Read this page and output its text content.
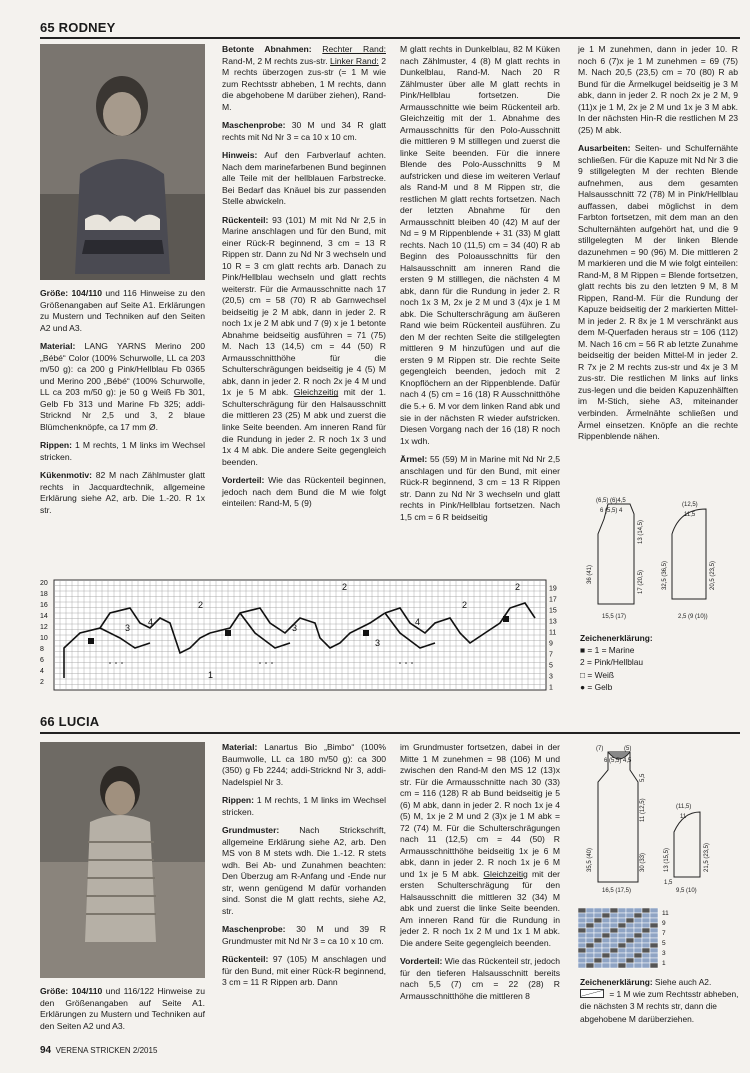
65 RODNEY

Größe: 104/110 und 116 Hinweise zu den Größenangaben auf Seite A1. Erklärungen zu Mustern und Techniken auf den Seiten A2 und A3.

Material: LANG YARNS Merino 200 „Bébé“ Color (100% Schurwolle, LL ca 203 m/50 g): ca 200 g Pink/Hellblau Fb 0365 und Merino 200 „Bébé“ (100% Schurwolle, LL ca 203 m/50 g): je 50 g Weiß Fb 301, Gelb Fb 313 und Marine Fb 325; addi-Stricknd Nr 2,5 und 3, 2 blaue Blümchenknöpfe, ca 17 mm Ø.

Rippen: 1 M rechts, 1 M links im Wechsel stricken.

Kükenmotiv: 82 M nach Zählmuster glatt rechts in Jacquardtechnik, allgemeine Erklärung siehe A2, arb. Die 1.-20. R 1x str.

Betonte Abnahmen: Rechter Rand: Rand-M, 2 M rechts zus-str. Linker Rand: 2 M rechts überzogen zus-str (= 1 M wie zum Rechtsstr abheben, 1 M rechts, dann die abgehobene M darüber ziehen), Rand-M.

Maschenprobe: 30 M und 34 R glatt rechts mit Nd Nr 3 = ca 10 x 10 cm.

Hinweis: Auf den Farbverlauf achten. Nach dem marinefarbenen Bund beginnen alle Teile mit der hellblauen Farbstrecke. Bei Bedarf das Knäuel bis zur passenden Stelle abwickeln.

Rückenteil: 93 (101) M mit Nd Nr 2,5 in Marine anschlagen und für den Bund, mit einer Rück-R beginnend, 3 cm = 13 R Rippen str. Dann zu Nd Nr 3 wechseln und 10 R = 3 cm glatt rechts arb. Danach zu Pink/Hellblau wechseln und glatt rechts weiterstr. Für die Armausschnitte nach 17 (20,5) cm = 58 (70) R ab Garnwechsel beidseitig je 2 M abk, dann in jeder 2. R noch 1x je 2 M abk und 7 (9) x je 1 betonte Abnahme beidseitig ausführen = 71 (75) M. Nach 13 (14,5) cm = 44 (50) R Armausschnitthöhe für die Schulterschrägungen beidseitig je 4 (5) M abk, dann in jeder 2. R noch 2x je 4 M und 1x je 5 M abk. Gleichzeitig mit der 1. Schulterschrägung für den Halsausschnitt die mittleren 23 (25) M abk und zuerst die linke Seite beenden. Am inneren Rand für die Rundung in jeder 2. R noch 1x 3 und 1x 4 M abk. Die andere Seite gegengleich beenden.

Vorderteil: Wie das Rückenteil beginnen, jedoch nach dem Bund die M wie folgt einteilen: Rand-M, 5 (9)

M glatt rechts in Dunkelblau, 82 M Küken nach Zählmuster, 4 (8) M glatt rechts in Dunkelblau, Rand-M. Nach 20 R Zählmuster über alle M glatt rechts in Pink/Hellblau fortsetzen. Die Armausschnitte wie beim Rückenteil arb. Gleichzeitig mit der 1. Abnahme des Armausschnitts für den Polo-Ausschnitt die mittleren 9 M stilllegen und zuerst die linke Seite beenden. Für die innere Blende des Polo-Ausschnitts 9 M aufstricken und diese im weiteren Verlauf als Rand-M und 8 M Rippen str, die restlichen M glatt rechts fortsetzen. Nach der letzten Abnahme für den Armausschnitt bleiben 40 (42) M auf der Nd = 9 M Rippenblende + 31 (33) M glatt rechts. Nach 10 (11,5) cm = 34 (40) R ab Beginn des Poloausschnitts für den Halsausschnitt am inneren Rand die ersten 9 M stilllegen, die nächsten 4 M abk, dann für die Rundung in jeder 2. R noch 1x 3 M, 2x je 2 M und 3 (4)x je 1 M abk. Die Schulterschrägung am äußeren Rand wie beim Rückenteil ausführen. Zu den M der rechten Seite die stillgelegten mittleren 9 M hinzufügen und auf die ersten 9 M Rippen str. Die rechte Seite gegengleich beenden, jedoch mit 2 Knopflöchern an der Rippenblende. Dafür nach 4 (5) cm = 16 (18) R Ausschnitthöhe die 5.+ 6. M vor dem linken Rand abk und sie in der nächsten R wieder aufstricken. Diesen Vorgang nach der 16 (18) R noch 1x wdh.

Ärmel: 55 (59) M in Marine mit Nd Nr 2,5 anschlagen und für den Bund, mit einer Rück-R beginnend, 3 cm = 13 R Rippen str. Dann zu Nd Nr 3 wechseln und glatt rechts in Pink/Hellblau fortsetzen. Nach 1,5 cm = 6 R beidseitig

je 1 M zunehmen, dann in jeder 10. R noch 6 (7)x je 1 M zunehmen = 69 (75) M. Nach 20,5 (23,5) cm = 70 (80) R ab Bund für die Ärmelkugel beidseitig je 3 M abk, dann in jeder 2. R noch 2x je 2 M, 9 (11)x je 1 M, 2x je 2 M und 1x je 3 M abk. In der nächsten Hin-R die restlichen M 23 (25) M abk.

Ausarbeiten: Seiten- und Schulfernähte schließen. Für die Kapuze mit Nd Nr 3 die 9 stillgelegten M der rechten Blende aufnehmen, aus dem gesamten Halsausschnitt 72 (78) M in Pink/Hellblau auffassen, dabei möglichst in dem Farbton fortsetzen, mit dem man an den Schulternähten aufgehört hat, und die 9 stillgelegten M der linken Blende dazunehmen = 90 (96) M. Die mittleren 2 M markieren und die M wie folgt einteilen: Rand-M, 8 M Rippen = Blende fortsetzen, glatt rechts bis zu den letzten 9 M, 8 M Rippen, Rand-M. Für die Rundung der Kapuze beidseitig der 2 markierten Mittel-M in jeder 2. R 8x je 1 M verschränkt aus dem M-Querfaden heraus str = 106 (112) M. Nach 16 cm = 56 R ab letzte Zunahme beidseitig der beiden Mittel-M in jeder 2. R 7x je 2 M rechts zus-str und 4x je 3 M zus-str. Die restlichen M links auf links zus-legen und die beiden Kapuzenhälften im M-Stich, siehe A3, miteinander verbinden. Ärmelnähte schließen und Ärmel einsetzen. Knöpfe an die rechte Rippenblende nähen.

(6,5) (6)4,5
6 (5,5) 4
(12,5)
11,5
15,5 (17)	2,5 (9 (10))
36 (41)	17 (20,5)
13 (14,5)
20,5 (23,5)
32,5 (36,5)
Zeichenerklärung:
■ = 1 = Marine
2 = Pink/Hellblau
□ = Weiß
● = Gelb
2
2
3
4
2
3
4
2
3
1
20
18
16
14
12
10
8
6
4
2
19
17
15
13
11
9
7
5
3
1
66 LUCIA

Größe: 104/110 und 116/122 Hinweise zu den Größenangaben auf Seite A1. Erklärungen zu Mustern und Techniken auf den Seiten A2 und A3.

Material: Lanartus Bio „Bimbo“ (100% Baumwolle, LL ca 180 m/50 g): ca 300 (350) g Fb 2244; addi-Stricknd Nr 3, addi-Nadelspiel Nr 3.

Rippen: 1 M rechts, 1 M links im Wechsel stricken.

Grundmuster: Nach Strickschrift, allgemeine Erklärung siehe A2, arb. Den MS von 8 M stets wdh. Die 1.-12. R stets wdh. Bei Ab- und Zunahmen beachten: Den Überzug am R-Anfang und -Ende nur str, wenn genügend M dafür vorhanden sind. Sonst die M glatt rechts, siehe A2, str.

Maschenprobe: 30 M und 39 R Grundmuster mit Nd Nr 3 = ca 10 x 10 cm.

Rückenteil: 97 (105) M anschlagen und für den Bund, mit einer Rück-R beginnend, 3 cm = 11 R Rippen arb. Dann

im Grundmuster fortsetzen, dabei in der Mitte 1 M zunehmen = 98 (106) M und zwischen den Rand-M den MS 12 (13)x str. Für die Armausschnitte nach 30 (33) cm = 116 (128) R ab Bund beidseitig je 5 (6) M abk, dann in jeder 2. R noch 1x je 4 (5) M, 1x je 2 M und 2 (3)x je 1 M abk = 72 (74) M. Für die Schulterschrägungen nach 11 (12,5) cm = 44 (50) R Armausschnitthöhe beidseitig 1x je 6 M abk, dann in jeder 2. R noch 1x je 6 M und 1x je 5 M abk. Gleichzeitig mit der ersten Schulterschrägung für den Halsausschnitt die mittleren 32 (34) M abk und zuerst die linke Seite beenden. Am inneren Rand für die Rundung in jeder 2. R noch 1x 2 M und 1x 1 M abk. Die andere Seite gegengleich beenden.

Vorderteil: Wie das Rückenteil str, jedoch für den tieferen Halsausschnitt bereits nach 5,5 (7) cm = 22 (28) R Armausschnitthöhe die mittleren 8

(7)	(5)
6 (5,5) 4,5
16,5 (17,5)
(11,5)
11
9,5 (10)
35,5 (40)
5,5
11 (12,5)
30 (33)	13 (15,5)	21,5 (23,5)
1,5
11
9
7
5
3
1
Zeichenerklärung: Siehe auch A2.
= 1 M wie zum Rechtsstr abheben, die nächsten 3 M rechts str, dann die abgehobene M darüberziehen.
94 VERENA STRICKEN 2/2015
